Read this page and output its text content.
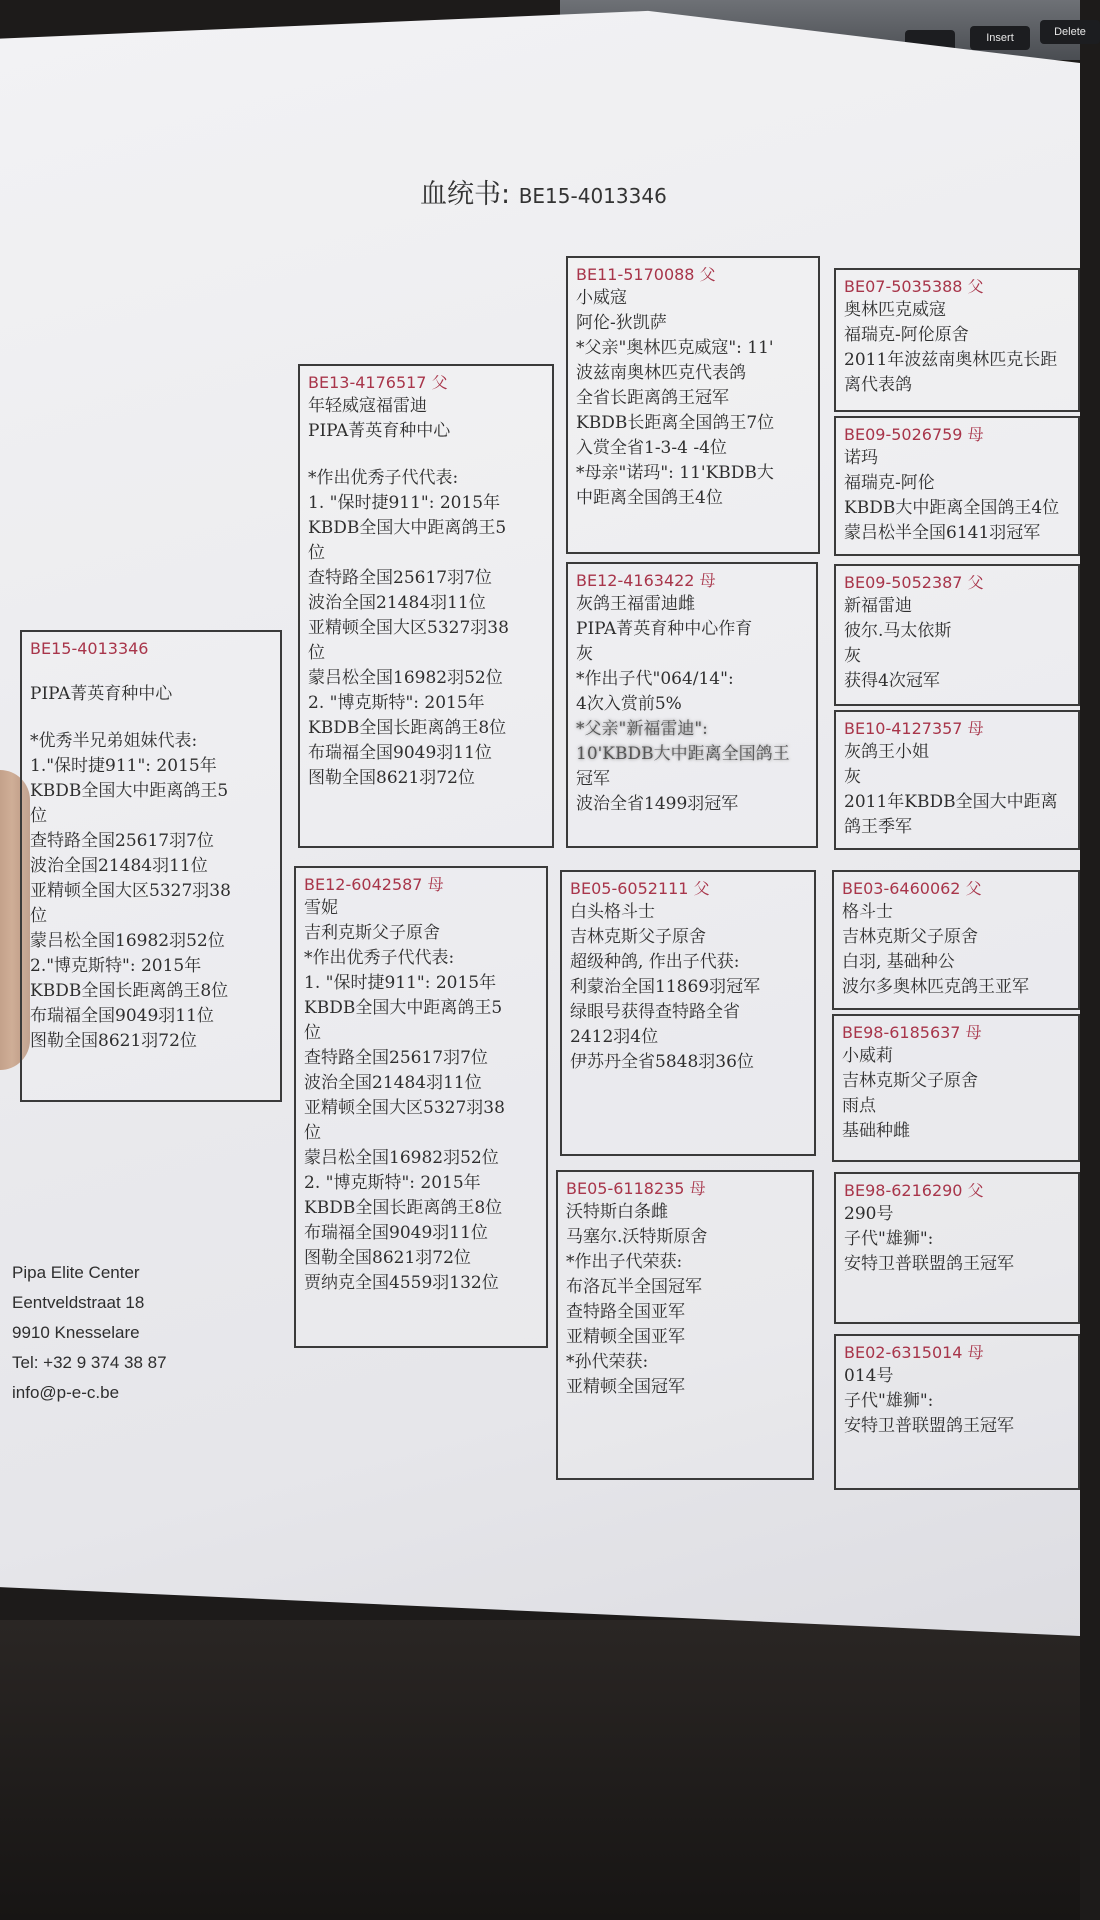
Insert	Delete
血统书: BE15-4013346
BE15-4013346
PIPA菁英育种中心
*优秀半兄弟姐妹代表:
1."保时捷911": 2015年
KBDB全国大中距离鸽王5
位
查特路全国25617羽7位
波治全国21484羽11位
亚精顿全国大区5327羽38
位
蒙吕松全国16982羽52位
2."博克斯特": 2015年
KBDB全国长距离鸽王8位
布瑞福全国9049羽11位
图勒全国8621羽72位
BE13-4176517 父
年轻威寇福雷迪
PIPA菁英育种中心
*作出优秀子代代表:
1. "保时捷911": 2015年
KBDB全国大中距离鸽王5
位
查特路全国25617羽7位
波治全国21484羽11位
亚精顿全国大区5327羽38
位
蒙吕松全国16982羽52位
2. "博克斯特": 2015年
KBDB全国长距离鸽王8位
布瑞福全国9049羽11位
图勒全国8621羽72位
BE12-6042587 母
雪妮
吉利克斯父子原舍
*作出优秀子代代表:
1. "保时捷911": 2015年
KBDB全国大中距离鸽王5
位
查特路全国25617羽7位
波治全国21484羽11位
亚精顿全国大区5327羽38
位
蒙吕松全国16982羽52位
2. "博克斯特": 2015年
KBDB全国长距离鸽王8位
布瑞福全国9049羽11位
图勒全国8621羽72位
贾纳克全国4559羽132位
BE11-5170088 父
小威寇
阿伦-狄凯萨
*父亲"奥林匹克威寇": 11'
波兹南奥林匹克代表鸽
全省长距离鸽王冠军
KBDB长距离全国鸽王7位
入赏全省1-3-4 -4位
*母亲"诺玛": 11'KBDB大
中距离全国鸽王4位
BE12-4163422 母
灰鸽王福雷迪雌
PIPA菁英育种中心作育
灰
*作出子代"064/14":
4次入赏前5%
*父亲"新福雷迪":
10'KBDB大中距离全国鸽王
冠军
波治全省1499羽冠军
BE05-6052111 父
白头格斗士
吉林克斯父子原舍
超级种鸽, 作出子代获:
利蒙治全国11869羽冠军
绿眼号获得查特路全省
2412羽4位
伊苏丹全省5848羽36位
BE05-6118235 母
沃特斯白条雌
马塞尔.沃特斯原舍
*作出子代荣获:
布洛瓦半全国冠军
查特路全国亚军
亚精顿全国亚军
*孙代荣获:
亚精顿全国冠军
BE07-5035388 父
奥林匹克威寇
福瑞克-阿伦原舍
2011年波兹南奥林匹克长距
离代表鸽
BE09-5026759 母
诺玛
福瑞克-阿伦
KBDB大中距离全国鸽王4位
蒙吕松半全国6141羽冠军
BE09-5052387 父
新福雷迪
彼尔.马太依斯
灰
获得4次冠军
BE10-4127357 母
灰鸽王小姐
灰
2011年KBDB全国大中距离
鸽王季军
BE03-6460062 父
格斗士
吉林克斯父子原舍
白羽, 基础种公
波尔多奥林匹克鸽王亚军
BE98-6185637 母
小威莉
吉林克斯父子原舍
雨点
基础种雌
BE98-6216290 父
290号
子代"雄狮":
安特卫普联盟鸽王冠军
BE02-6315014 母
014号
子代"雄狮":
安特卫普联盟鸽王冠军
Pipa Elite Center
Eentveldstraat 18
9910 Knesselare
Tel: +32 9 374 38 87
info@p-e-c.be
